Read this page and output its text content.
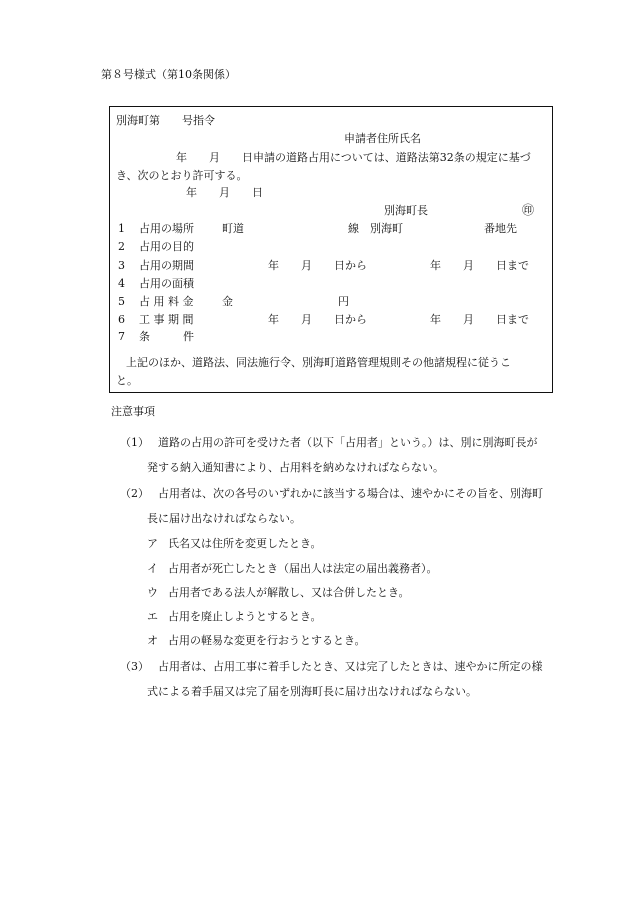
第８号様式（第10条関係）
別海町第　　号指令
申請者住所氏名
年　　月　　日申請の道路占用については、道路法第32条の規定に基づ
き、次のとおり許可する。
年　　月　　日
別海町長	㊞
1 占用の場所	町道	線　別海町	番地先
2 占用の目的
3 占用の期間	年　　月　　日から	年　　月　　日まで
4 占用の面積
5 占 用 料 金	金	円
6 工 事 期 間	年　　月　　日から	年　　月　　日まで
7 条　　　件
上記のほか、道路法、同法施行令、別海町道路管理規則その他諸規程に従うこ
と。
注意事項
（1） 道路の占用の許可を受けた者（以下「占用者」という。）は、別に別海町長が
発する納入通知書により、占用料を納めなければならない。
（2） 占用者は、次の各号のいずれかに該当する場合は、速やかにその旨を、別海町
長に届け出なければならない。
ア 氏名又は住所を変更したとき。
イ 占用者が死亡したとき（届出人は法定の届出義務者）。
ウ 占用者である法人が解散し、又は合併したとき。
エ 占用を廃止しようとするとき。
オ 占用の軽易な変更を行おうとするとき。
（3） 占用者は、占用工事に着手したとき、又は完了したときは、速やかに所定の様
式による着手届又は完了届を別海町長に届け出なければならない。
